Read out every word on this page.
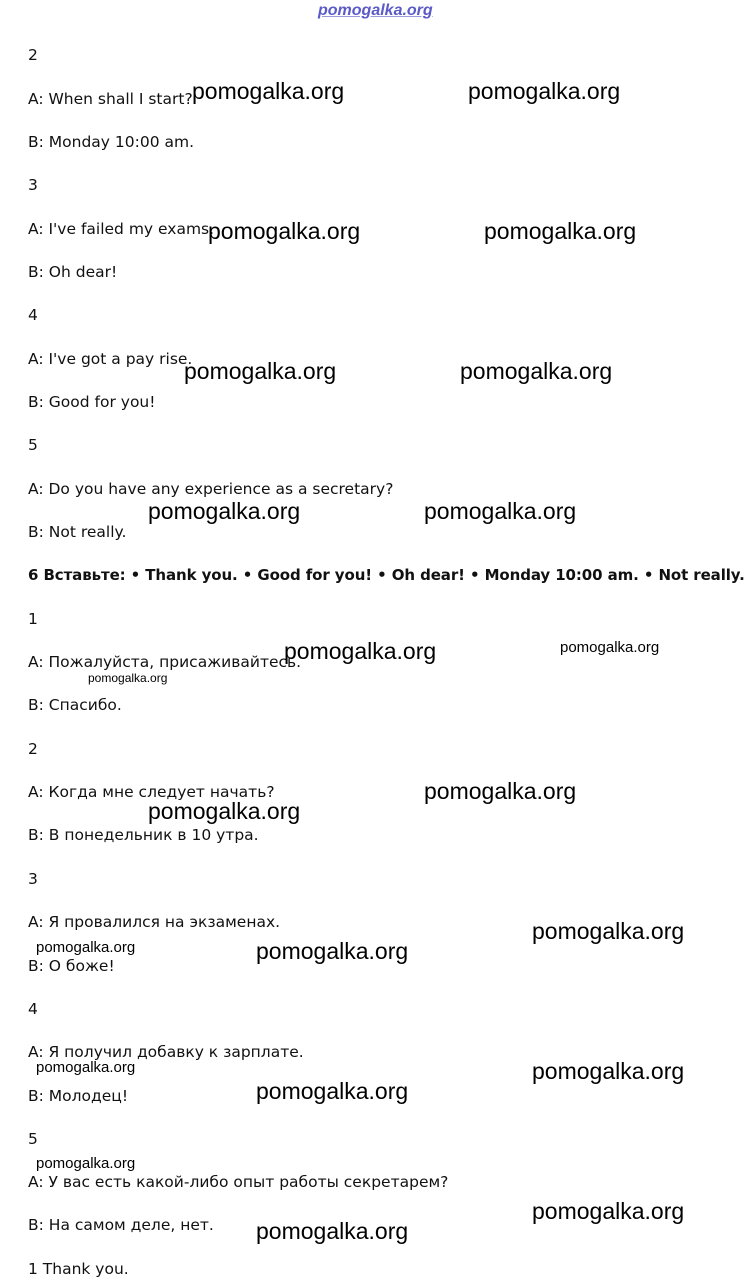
2
A: When shall I start?
B: Monday 10:00 am.
3
A: I've failed my exams.
B: Oh dear!
4
A: I've got a pay rise.
B: Good for you!
5
A: Do you have any experience as a secretary?
B: Not really.
6 Вставьте: • Thank you. • Good for you! • Oh dear! • Monday 10:00 am. • Not really.
1
A: Пожалуйста, присаживайтесь.
B: Спасибо.
2
A: Когда мне следует начать?
B: В понедельник в 10 утра.
3
A: Я провалился на экзаменах.
B: О боже!
4
A: Я получил добавку к зарплате.
B: Молодец!
5
A: У вас есть какой-либо опыт работы секретарем?
B: На самом деле, нет.
1 Thank you.
pomogalka.org
pomogalka.org	pomogalka.org
pomogalka.org	pomogalka.org
pomogalka.org	pomogalka.org
pomogalka.org	pomogalka.org
pomogalka.org	pomogalka.org
pomogalka.org
pomogalka.org
pomogalka.org
pomogalka.org
pomogalka.org	pomogalka.org
pomogalka.org	pomogalka.org
pomogalka.org
pomogalka.org
pomogalka.org
pomogalka.org
